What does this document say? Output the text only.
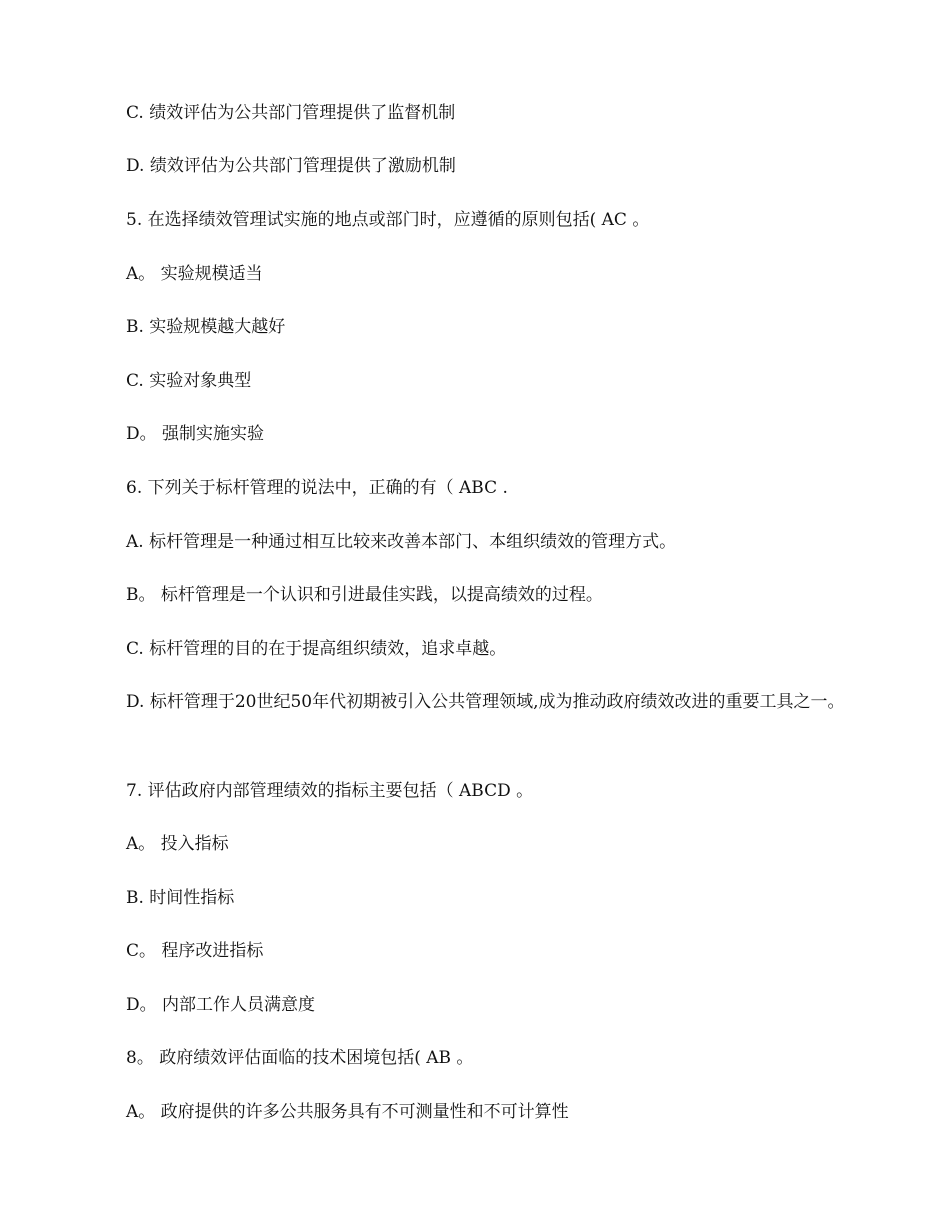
C. 绩效评估为公共部门管理提供了监督机制
D. 绩效评估为公共部门管理提供了激励机制
5. 在选择绩效管理试实施的地点或部门时，应遵循的原则包括( AC 。
A。 实验规模适当
B. 实验规模越大越好
C. 实验对象典型
D。 强制实施实验
6. 下列关于标杆管理的说法中，正确的有（ ABC .
A. 标杆管理是一种通过相互比较来改善本部门、本组织绩效的管理方式。
B。 标杆管理是一个认识和引进最佳实践，以提高绩效的过程。
C. 标杆管理的目的在于提高组织绩效，追求卓越。
D. 标杆管理于20世纪50年代初期被引入公共管理领域,成为推动政府绩效改进的重要工具之一。
7. 评估政府内部管理绩效的指标主要包括（ ABCD 。
A。 投入指标
B. 时间性指标
C。 程序改进指标
D。 内部工作人员满意度
8。 政府绩效评估面临的技术困境包括( AB 。
A。 政府提供的许多公共服务具有不可测量性和不可计算性
